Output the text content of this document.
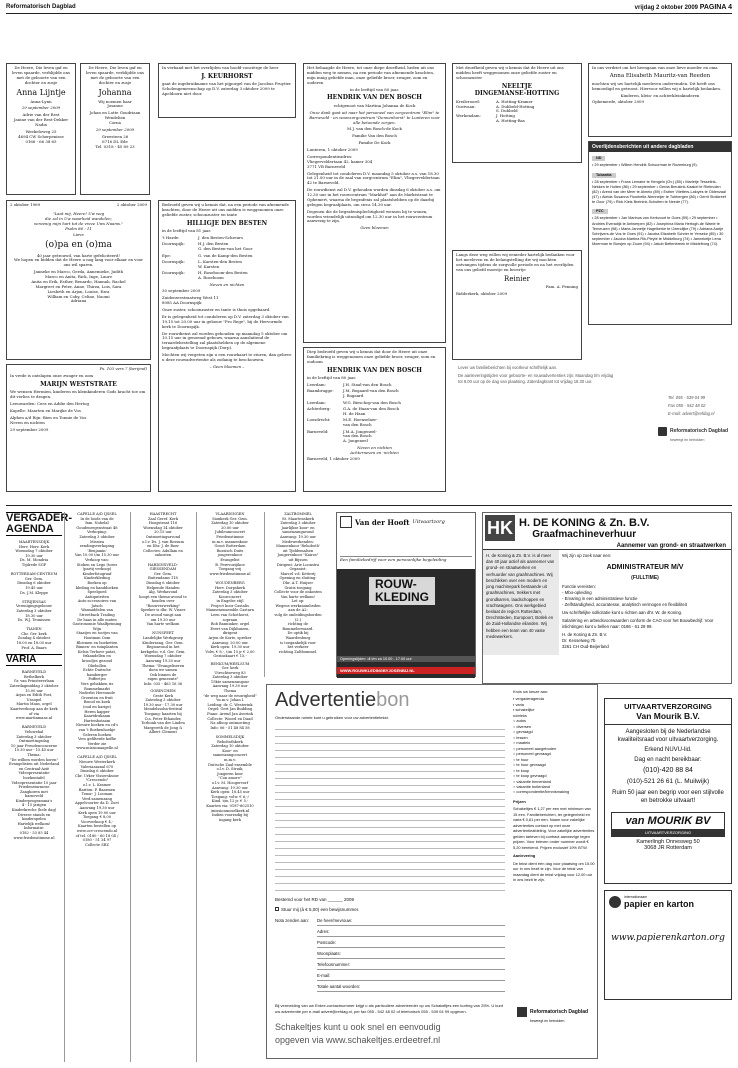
Reformatorisch Dagblad	vrijdag 2 oktober 2009 PAGINA 4

De Heere, Die leven gaf en leven spaarde, verblijdde ons met de geboorte van een dochter en zusje

Anna Lijntje

Anna-Lynn

29 september 2009

Adrie van der Rest
Janine van der Rest-Dekker
Nadia

Weekeloweg 25
4694 CW Scherpenisse
0166 - 66 38 65

De Heere, Die leven gaf en leven spaarde, verblijdde ons met de geboorte van een dochter en zusje

Johanna

Wij noemen haar
Josanne

Johan en Lotte Goudriaan
Wendelien
Corna

29 september 2009

Greesteen 26
6716 DL Ede
Tel. 0318 - 45 89 23

In verband met het overlijden van hoofd-conciërge de heer

J. KEURHORST

gaat de ingebruikname van het pijporgel van de Jacobus Fruytier Scholengemeenschap op D.V. zaterdag 3 oktober 2009 te Apeldoorn niet door.

Het behaagde de Heere, tot onze diepe droefheid, heden uit ons midden weg te nemen, na een periode van afnemende krachten, mijn innig geliefde man, onze geliefde broer, zwager, oom en ouderen

in de leeftijd van 80 jaar.

HENDRIK VAN DEN BOSCH

echtgenoot van Martina Johanna de Kock

Onze dank gaat uit naar het personeel van zorgcentrum "Elim" te Barneveld - en woonzorgcentrum "Dennenhorst" te Lunteren voor alle betoonde zorgen.

M.J. van den Bosch-de Kock

Familie Van den Bosch

Familie De Kock

Lunteren, 1 oktober 2009

Correspondentieadres:
Vliegerveldertaan 42, kamer 304
3771 VB Barneveld

Gelegenheid tot condoleren D.V. maandag 5 oktober a.s. van 18.30 tot 21.00 uur in de zaal van zorgcentrum "Elim", Vliegerveldertaan 42 te Barneveld.

De rouwdienst zal D.V. gehouden worden dinsdag 6 oktober a.s. om 12.30 uur in het rouwcentrum "Markhof" aan de Marktstraat te Ophemert, waarna de begrafenis zal plaatshebben op de daarbij gelegen begraafplaats, om circa 14.30 uur.

Degenen die de begrafenisplechtigheid wensen bij te wonen, worden vriendelijk uitnodigd om 12.30 uur in het rouwcentrum aanwezig te zijn.

Geen bloemen

Met droefheid geven wij u kennis dat de Heere uit ons midden heeft weggenomen onze geliefde zuster en schoonzuster

NEELTJE
DINGEMANSE-HOTTING
Kreileroord:	A. Hotting-Kramer
Oostvaan:	A. Dubbeld-Hotting
S. Dubbeld
Werkendam:	J. Hotting
A. Hotting-Bas

In ons verdriet om het heengaan van onze lieve moeder en oma

Anna Elisabeth Mauritz-van Reeden

mochten wij uw hartelijk meeleven ondervinden. Dit heeft ons bemoedigd en getroost. Hiervoor willen wij u hartelijk bedanken.

Kinderen, klein- en achterkleinkinderen

Ophemerde, oktober 2009

Overlijdensberichten uit andere dagbladen
ND

• 29 september • Willem Hendrik Schuurman te Rozenburg (9).

Tubantia

• 28 september • Frans Lemaire te Hengelo (Ov.) (85) • Marietje Tesselink-Nekken te Holten (86) • 29 september • Gerda Breukink-Kaakel te Rietmolen (82) • Arend van der Meer te Almelo (89) • Esther Vlietters-Laloyés te Oldenzaal (47) • Aleida Susanna Floorbelie-Nienneijer te Tubbergen (86) • Gerrit Stokkreef te Goor (79) • Rick Kleis Breinink-Schutten te Neede (77).

PZC

• 28 september • Jan Marinus van Kerkvoort te Goes (59) • 29 september • Andries Everadijk te Antwerpen (82) • Josephina Maria Hertogh-de Waele te Terneuzen (98) • Maria Jannetje Hagelkerke te IJzendijke (79) • Adriana Aartje Schrijvers-de Vos te Goes (91) • Jacoba Elizabeth Schrier te Yerseke (85) • 30 september • Jacoba Martina Rik-Pleyte te Middelburg (74) • Janneketje Lena Moerman te Borsjen op Zoom (94) • Jakob Bettenbreek te Middelburg (74).

2 oktober 1969	2 oktober 2009

"Laat mij, Heere! Uw weg
die zal in Uw waarheid wandelen;
vereenig mijn hart tot de vreze Uws Naams."
Psalm 86 : 11

Lieve

(o)pa en (o)ma

40 jaar getrouwd, van harte gefeliciteerd!
We hopen en bidden dat de Heere u nog lang voor elkaar en voor ons wil sparen.

Janneke en Marco, Gerda, Annemieke, Judith
Marco en Anita, Rick, Inge, Laure
Anita en Erik, Esther, Benardo, Hannah, Rachel
Margreet en Peter, Anne, Thirza, Lois, Sara
Liesbeth en Arjan, Louise, Ezra
William en Coby, Celine, Naomi
Adriana

Ps. 103 vers 7 (berijmd)

In vrede is ontslapen onze zwager en oom

MARIJN WESTSTRATE

We wensen Hermien, kinderen en kleinkinderen Gods kracht toe om dit verlies te dragen.

Leeuwarden: Cees en Addie den Hertog

Kapelle: Maarten en Marijke de Vos

Alphen a/d Rijn: Bien en Tonnie de Vos
Neven en nichten

29 september 2009

Bedroefd geven wij u kennis dat, na een periode van afnemende krachten, door de Heere uit ons midden is weggenomen onze geliefde zuster, schoonzuster en tante

HILLIGJE DEN BESTEN

in de leeftijd van 81 jaar.

't Harde:	J. den Besten-Schreurs
Doornspijk:	H.J. den Besten
G. den Besten-van het Goor
Epe:	G. van de Kamp-den Besten
Doornspijk:	L. Karsten-den Besten
W. Karsten
Doornspijk:	H. Roseboom-den Besten
A. Roseboom

Neven en nichten

30 september 2009

Zuiderzeestraatweg West 11
8085 AA Doornspijk

Onze zuster, schoonzuster en tante is thuis opgebaard.

Er is gelegenheid tot condoleren op D.V. zaterdag 3 oktober van 19.15 tot 20.00 uur in gebouw "Pro Rege", bij de Hervormde kerk te Doornspijk.

De rouwdienst zal worden gehouden op maandag 5 oktober om 10.15 uur in genoemd gebouw, waarna aansluitend de teraardebestelling zal plaatshebben op de algemene begraafplaats te Doornspijk (Dorp).

Mochten wij vergeten zijn u een rouwkaart te sturen, dan gelieve u deze rouwadvertentie als zodanig te beschouwen.

– Geen bloemen –

Diep bedroefd geven wij u kennis dat door de Heere uit onze familiekring is weggenomen onze geliefde broer, zwager, oom en oudoom

HENDRIK VAN DEN BOSCH

in de leeftijd van 80 jaar.

Leerdam:	J.H. Staal-van den Bosch
Baambrugge:	J.M. Bogaard-van den Bosch
J. Bogaard
Leerdam:	W.G. Bieschop-van den Bosch
Achterberg:	G.A. de Haan-van den Bosch
H. de Haan
Loosdrecht:	M.E. Hoenselaer-
van den Bosch
Barneveld:	J.M.A. Jongeneel-
van den Bosch
A. Jongeneel

Neven en nichten
Achterneven en -nichten

Barneveld, 1 oktober 2009

Langs deze weg willen wij eenieder hartelijk bedanken voor het meeleven en de belangstelling die wij mochten ontvangen tijdens de zorgvolle periode en na het overlijden van ons geliefd moestje en broertje

Reinier

Fam. A. Penning

Ridderkerk, oktober 2009

Lever uw familieberichten bij voorkeur schriftelijk aan.

De aanleveringstijden voor geboorte- en rouwadvertenties zijn: Maandag t/m vrijdag tot 9.00 uur op de dag van plaatsing. Zaterdagkrant tot vrijdag 18.30 uur.

Tel. 055 - 539 04 99

Fax 055 - 542 48 02

E-mail: advert@refdag.nl

Reformatorisch Dagblad
beweegt en betrokken
VERGADER-
AGENDA

MAARTENSDIJK
Herv. Herv. Kerk
Woensdag 7 oktober
19.30 uur
Ds. M. Mondria
Tijdrede SGP

ROTTERDAM-CENTRUM
Ger. Gem.
Dinsdag 6 oktober
19.45 uur
Ds. J.M. Kleppe

STRIJENSAS
Verenigingsgebouw
Zaterdag 3 oktober
18.30 uur
Ds. W.J. Teunissen

TIANEN
Chr. Ger. kerk
Zondag 4 oktober
18.00 en 18.00 uur
Prof. A. Baars

VARIA

BARNEVELD
Bethelkerk
Gr. van Prinstererlaan
Zaterdagmiddag 3 oktober
15.00 uur
Arjan en Edith Post,
Unsopel
Martin Mans, orgel
Kaartverkoop aan de kerk
of via
www.martinmans.nl

BARNEVELD
Veluwehal
Zaterdag 3 oktober
Ontmoetingsdag
10 jaar Freudenconcerne
10.30 uur - 15.45 uur
Thema:
"De wilhen worden horen"
Evangelisten uit Nederland
en Centraal-Azië
Videopresentatie
boekentafel
Videopresentatie 10 jaar
Friedensturmese
Zangkoren met
barneveld
Kinderprogramma's
4 - 15 jarigen
Kinderkreche (hele dag)
Diverse stands en
kinderspelen
Hartelijk welkom!
Informatie:
0182 - 53 85 44
www.friedenstimme.nl

CAPELLE A/D IJSSEL
In de loods van de
fam. Nobelal
Goudenregenstraat 48
Verkoping:
Zaterdag 3 oktober
Missiea
zendingsverkoping
'Benjamin'
Van 10.00 t/m 15.30 uur
Verkoop van:
Stoben en Lego (tores
(partij verkoop)
Kinderfotograaf
Kinderkleding
Boeken op
kleding en handdoeken
Speelgoed
Antiquiteiten
Auto-accessoires van
Jatsch
Wasmiddelen van
Streetback Trading
De haas in alle maten
Gastronomie Waalfpriming
Wijn
Staatjes en tootjes van
Houtman Oom
Bloemen en boeketten
Binnen- en tuinplanten
Kelsis Terbove patat,
frikandellen en
broodjes gezond
Oliebollen
Echte Duitsche
bamberger
Poffertjes
Vers gebakken ris
Rommelmarkt
Nederlst Hervomde
Groenten en fruit
Brood en koek
(oud en harige)
Heren kapper
Kaartdrukaam
Hartenbotaam
Nieuwe boeken en cd's
van 't Boekenhoekje
Geleren boeken
Vers gefilterde koffie
Verder zie
www.missionaapelle.nl

CAPELLE A/D IJSSEL
Nieuwe Westerkerk
Valeriaanzaal 670
Dinsdag 6 oktober
Chr. Urker Vissersksoor
"Crescendo"
o.l.v. L. Kramer
Bariton: P. Baarmen
Tenor: J. Looman
Verd.samenzang
Appelvoorter da D. Zoet
Aanvang 19.30 uur
Kerk open 19.00 uur
Toegang € 8,00
Voorverkoop € 4,-
Kaarten bestellen op
www.ocv-crescendo.nl
of tel. 0180 - 60 18 04 /
0180 - 51 34 97
Collecte SRZ

HAASTRECHT
Zaal Geref. Kerk
Hoogstraat 116
Woensdag 14 oktober
20.15 uur
Ontmoetingsavond
o.l.v. Ds. J. van Rossum
en Dhr. J. de Boer
Collectes: Adullam en
onkosten

HARDINXVELD-
GIESSENDAM
Ger. Gem.
Buitendams 118
Dinsdag 6 oktober
Helpende Handen
Alg. Werkavond
koopt een thema-avond te
houden over
"Rouwverwerking"
Spreker is dhr. W. Visser
De avond vangt aan
om 19.30 uur
Van harte welkom

NUNSPEET
Landelijke Werkgroep
Kinderzang, Ger. Gem.
Regioavond in het
kerkgebo. v.d. Ger. Gem.
Woensdag 7 oktober
Aanvang 19.30 uur
Thema: "Evangeliseren
doen we samen
Ook binnen de
eigen gemeente"
Info: 035 - 463 16 36

GORINCHEM
Geste Kerk
Zaterdag 3 oktober
19.30 uur - 17.30 uur
Mendelssohn-festival
Toegang: kaarten bij
O.a. Peter Ethander,
Torbonk van der Linden
Margereth de Jong &
Albert Clement

VLAARDINGEN
Sionkerk Ger. Gem.
Zaterdag 10 oktober
20.00 uur
Jubileumconcert
Friedenstimme
m.m.v. mannenkoor
Groot Rotterdam
Russisch Duits
jongerenkoor
Evangelist
B. Perevoztjikoe
Toegang vrij
www.friedenstimme.nl

WOUDENBERG
Herv. Dorpskerk
Zaterdag 3 oktober
Koorconcert
in Engelse stijl
Project koor Castalis
Mannenensemble Castarn
Leen van Schothorst,
sopraan
Rob Banninker, orgel
Evert van Dijkhuizen,
dirigent
Arjen de Korte, spreker
Aanvang: 20.00 uur
Kerk open: 19.30 uur
Volw. € 8,-, t/m 15 jr € 2,00
Gezinskaart € 15,-

RENKUM/HEELSUM
Ger. kerk
Utrechtseweg 83
Zaterdag 3 oktober
15kte samenzangour
Aanvang 19.30 uur
Thema
"de weg naar de eeuwigheid"
"m.m.v. Johan I.
Leiding: dr. C. Westerink
Orgel: Gert Jan Budding
Piano: Arend Jan Averink
Collecte: Woord en Daad
Na afloop ontmoeting
Info: 06 - 51 48 84 58

SOMMELSDIJK
Rehobothkerk
Zaterdag 10 oktober
Koor- en
samenzangconcert
m.m.v.
Duitsche Zaal-ensemble
o.l.v. D. Struik,
Jongeren koor
"Con amore"
o.l.v. M. Hoogervorf
Aanvang: 19.30 uur
Kerk open: 18.45 uur
Toegang: volw. € 6,-/
Kind. t/m 12 jr. € 5,-
Kaarten via: 0187-602510
/missionmoselkerk.nl
Indien voorradig bij
ingang kerk

ZALTBOMMEL
St. Maartenskerk
Zaterdag 3 oktober
Jaarlijkse koor- en
samenzangavond
Aanvang: 19.30 uur
Medewerkenden:
Mannenkoor 'Rehoboth'
uit Tjiddemalsen
Jongerenkoor "Kairos"
uit Bijssen
Dirigent: Arie Loonstra
Organist:
Marcel v.d. Ketterij
Opening en sluiting:
Dhr. A.T. Huijser
Gratis toegang
Collecte voor de onkosten
Van harte welkom!
Let op:
Wegens werkzaamheden
aan de A2:
volg de omleidingsborden
(2.)
richting de
Bommelerwaard.
De optik bij
Waardenburg
is toegankelijk voor
het verkeer
richting Zaltbommel.
Van der Hooft Uitvaartzorg
Een familiebedrijf voor een persoonlijke begeleiding
ROUW-
KLEDING
Openingstijden: di t/m za 10.00 - 17.00 uur
WWW.ROUWKLEDINGBYJOSENBIJ.NL
HK H. DE KONING & Zn. B.V.
Graafmachineverhuur
Aannemer van grond- en straatwerken
H. de Koning & Zn. B.V. is al meer dan 40 jaar actief als aannemer van grond- en straatwerken en verhuurder van graafmachines. Wij beschikken over een modern en jong machinepark bestaande uit graafmachines, trekkers met grondkarren, laadschoppen en vrachtwagens. Ons werkgebied beslaat de regio's Rotterdam, Drechtsteden, Europoort, Botlek en de Zuid-Hollandse eilanden. Wij hebben een team van 40 vaste medewerkers.

Wij zijn op zoek naar een:

ADMINISTRATEUR M/V

(FULLTIME)

Functie vereisten:
- Mbo-opleiding
- Ervaring in een administratieve functie
- Zelfstandigheid, accuratesse, analytisch vermogen en flexibiliteit

Uw schriftelijke sollicitatie kunt u richten aan dhr. W. de Koning.

Salariëring en arbeidsvoorwaarden conform de CAO voor het Bouwbedrijf. Voor inlichtingen kunt u bellen naar: 0186 - 61 28 99.

H. de Koning & Zn. B.V.
Dr. Kesselweg 7b
3261 CH Oud-Beijerland

Advertentiebon
Onderstaande ruimte kunt u gebruiken voor uw advertentietekst.
Bestemd voor het RD van ______ 2009
Stuur mij (à € 5,00) een bewijsnummer.
Nota zenden aan:	De heer/mevrouw:
Adres:
Postcode:
Woonplaats:
Telefoonnummer:
E-mail:
Totale aantal woorden:
Bij vermelding van uw Erdee-contactnummer krijgt u als particuliere adverteerder op uw Schakeltjes een korting van 25%. U kunt uw advertentie per e-mail advert@refdag.nl, per fax 055 - 542 48 02 of telefonisch 055 - 539 04 99 opgeven.
Schakeltjes kunt u ook snel en eenvoudig
opgeven via www.schakeltjes.erdeetref.nl

Kruis uw keuze aan:

▪ vergaderagenda
▪ varia
▪ schakelijke
rubrieks
○ autos
○ diversen
○ gevraagd
○ lessen
○ maatels
○ personeel aangeboden
○ personeel gevraagd
○ te huur
○ te huur gevraagd
○ te koop
○ te koop gevraagd
○ vakantie binnenland
○ vakantie buitenland
○ correspondentie/kennismaking

Prijzen

Schakeltjes € 1,27 per een met minimum van 15 een. Familieberichten, ter gelegenheid en varia € 0,61 per een. Naam voor zakelijke advertenties contact op met onze advertentieafdeling. Voor zakelijke advertenties gelden tarieven bij contract aanwezige tegen prijzen. Voor brieven onder nummer wordt € 5,20 berekend. Prijzen exclusief 19% BTW.

Aanlevering

De tekst dient één dag voor plaatsing om 15.00 uur in ons bezit te zijn. Voor de tekst van maandag dient de tekst vrijdag voor 12.00 uur in ons bezit te zijn.

Reformatorisch Dagblad
beweegt en betrokken
UITVAARTVERZORGING
Van Mourik B.V.

Aangesloten bij de Nederlandse kwaliteitsraad voor uitvaartverzorging.

Erkend NUVU-lid.

Dag en nacht bereikbaar:

(010)-420 88 84

(010)-521 26 61 (L. Muilwijk)

Ruim 50 jaar een begrip voor een stijlvolle en betrokke uitvaart!

van MOURIK BV
UITVAARTVERZORGING
Kamerlingh Onnesweg 50
3068 JR Rotterdam
internationaam
papier en karton
www.papierenkarton.org
